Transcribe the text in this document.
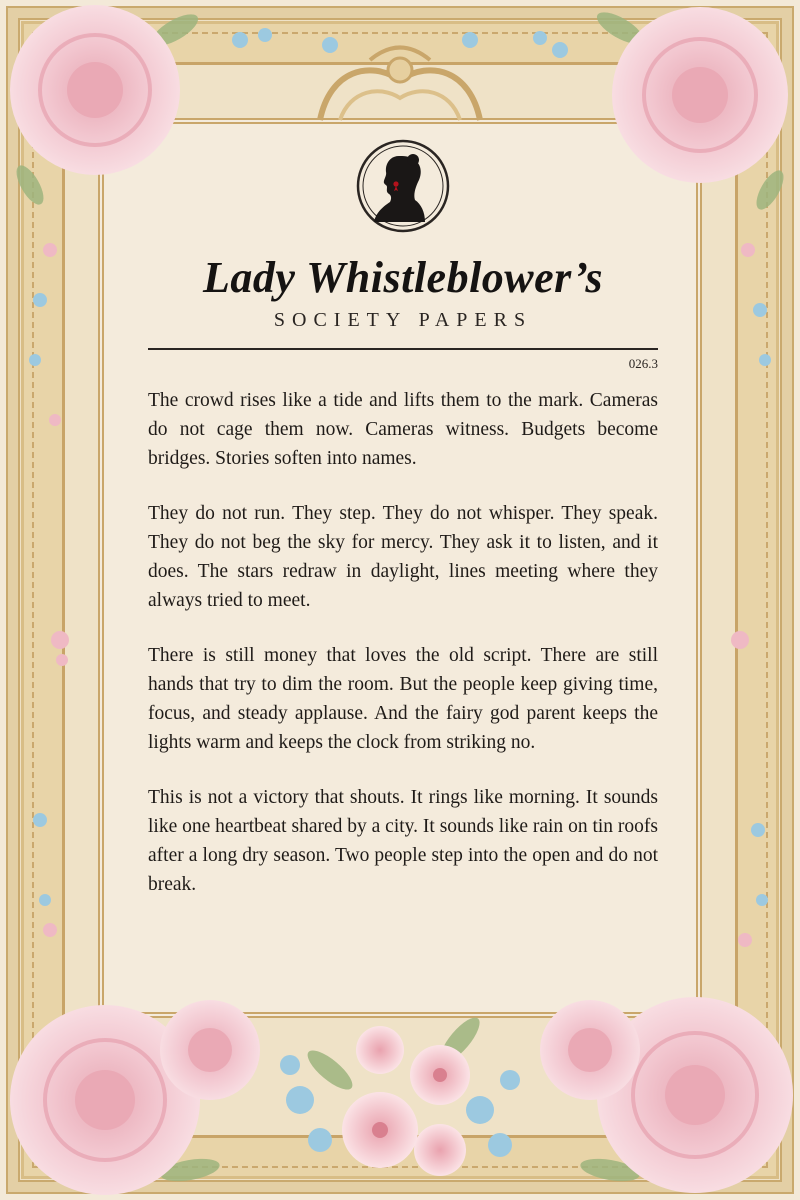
Lady Whistleblower’s
SOCIETY PAPERS
026.3

The crowd rises like a tide and lifts them to the mark. Cameras do not cage them now. Cameras witness. Budgets become bridges. Stories soften into names.

They do not run. They step. They do not whisper. They speak. They do not beg the sky for mercy. They ask it to listen, and it does. The stars redraw in daylight, lines meeting where they always tried to meet.

There is still money that loves the old script. There are still hands that try to dim the room. But the people keep giving time, focus, and steady applause. And the fairy god parent keeps the lights warm and keeps the clock from striking no.

This is not a victory that shouts. It rings like morning. It sounds like one heartbeat shared by a city. It sounds like rain on tin roofs after a long dry season. Two people step into the open and do not break.
